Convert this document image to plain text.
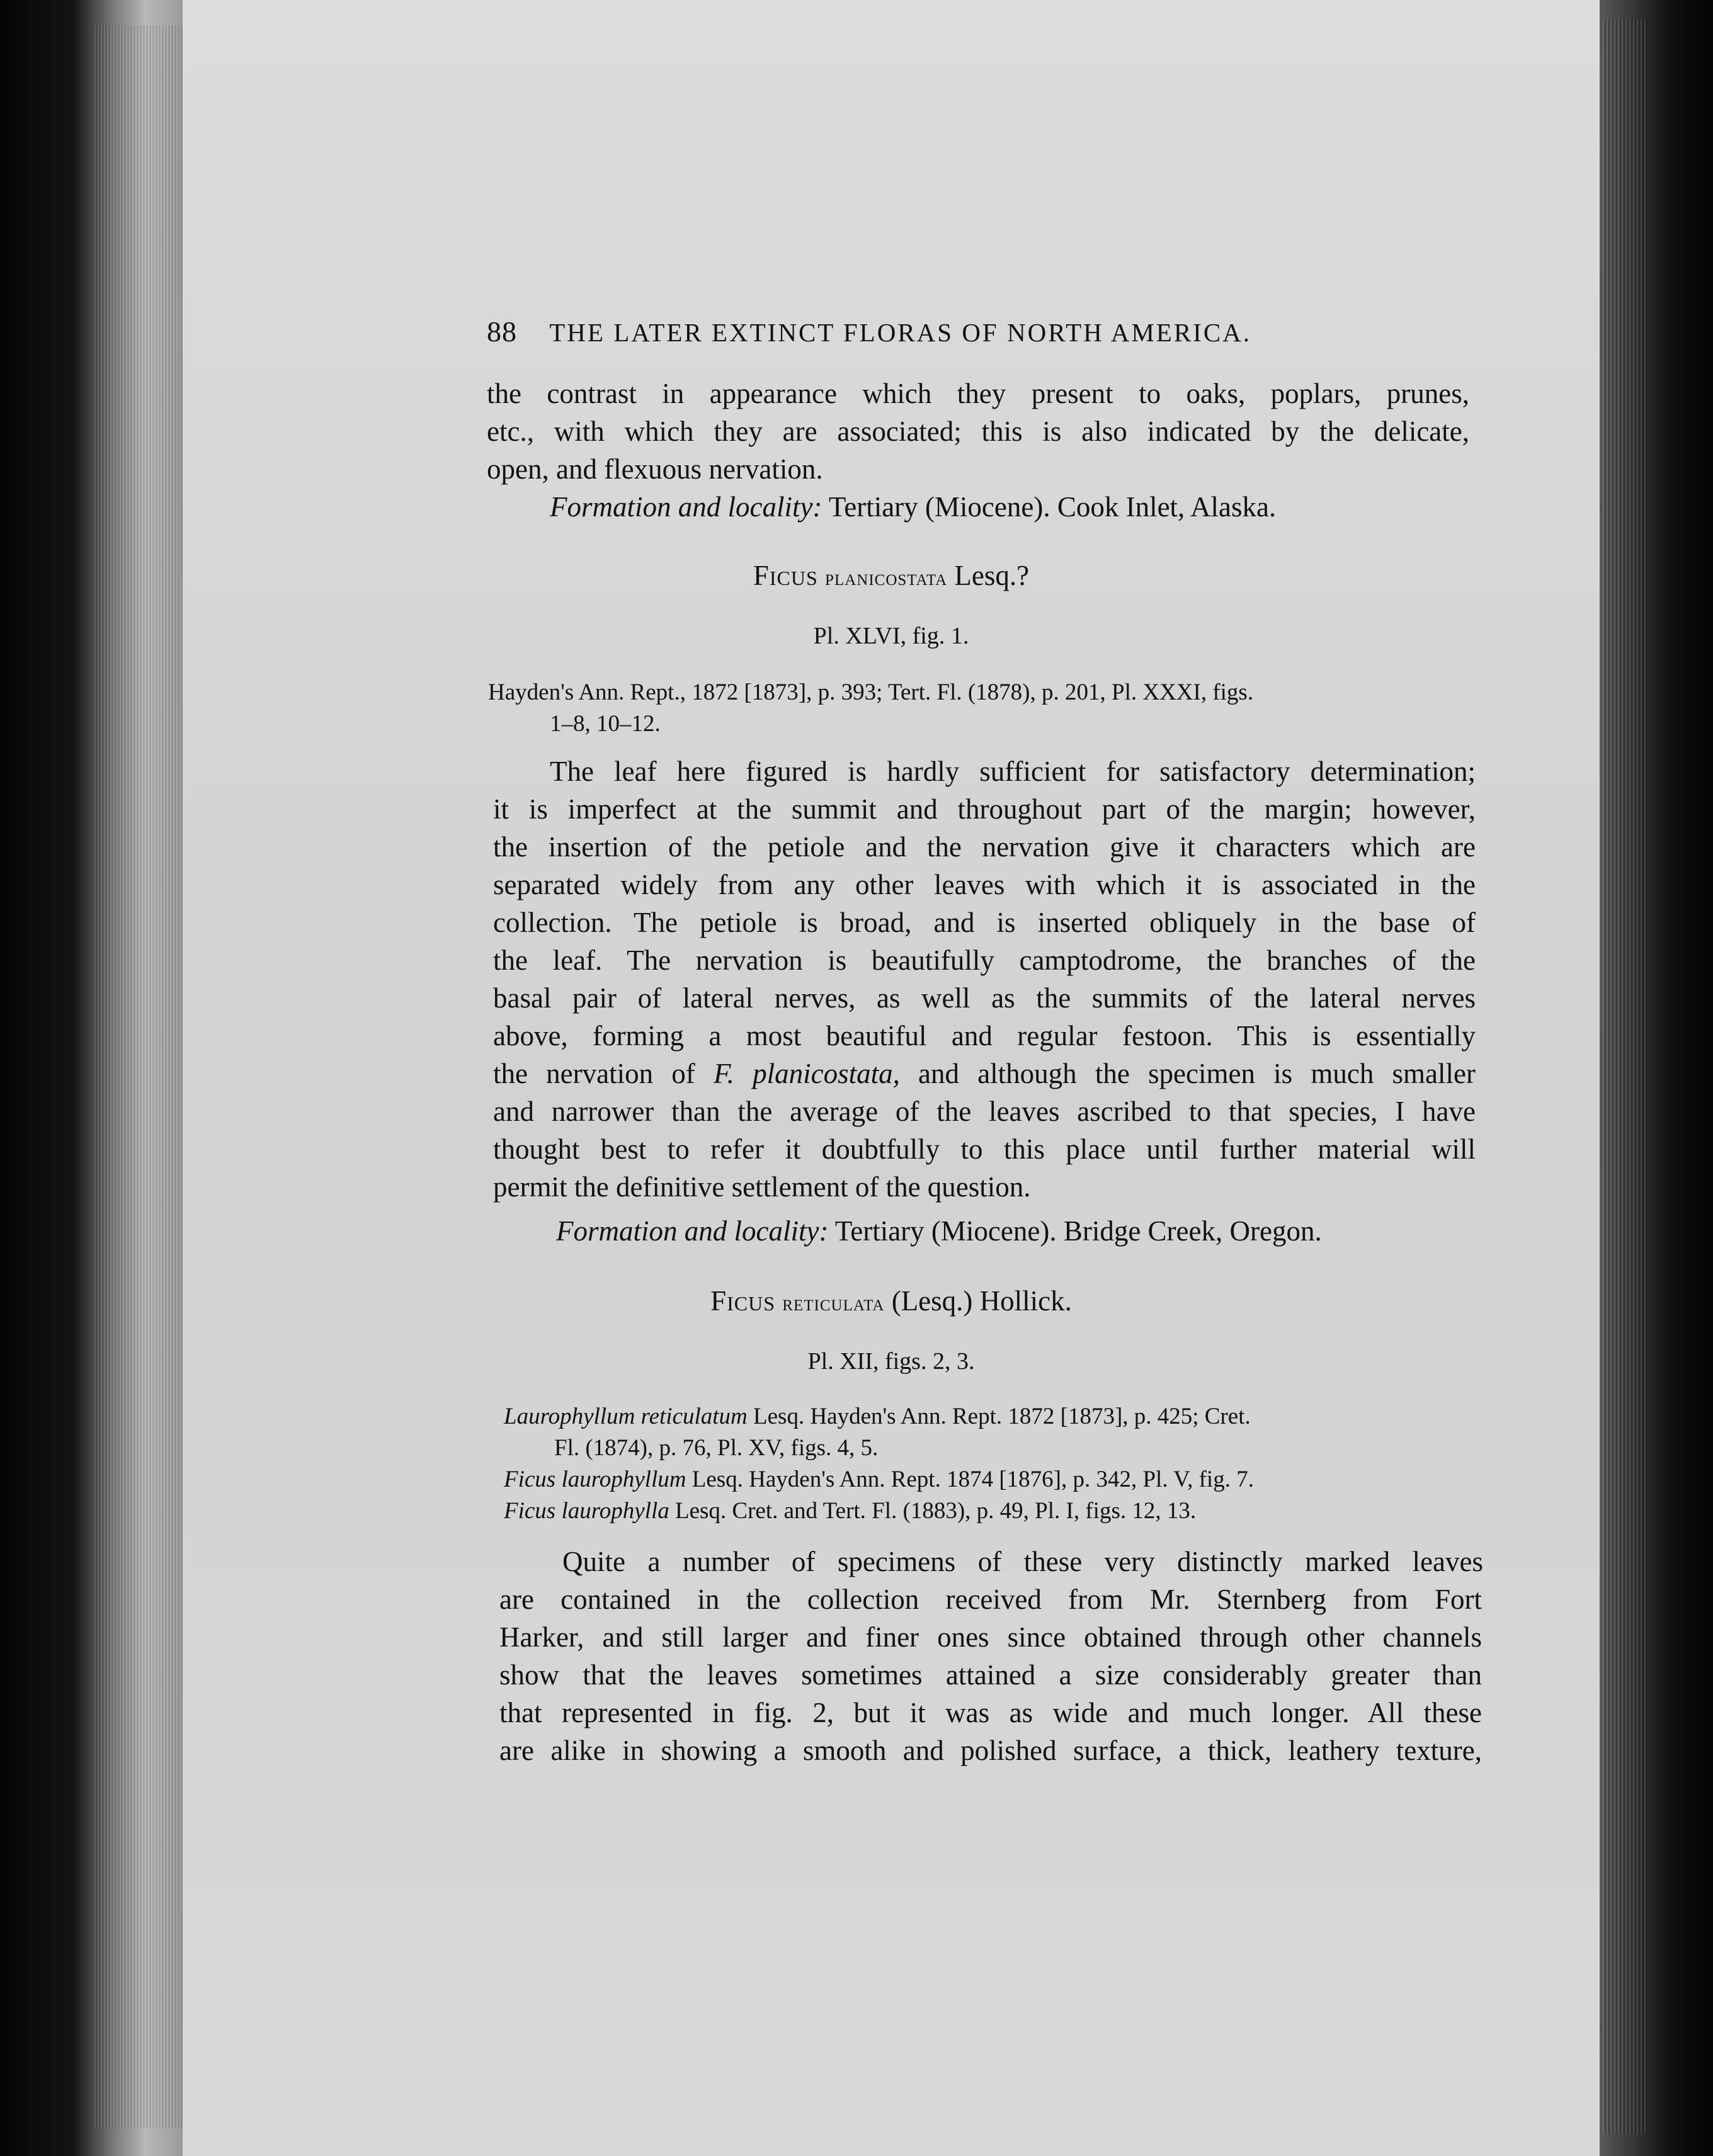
88 THE LATER EXTINCT FLORAS OF NORTH AMERICA.
the contrast in appearance which they present to oaks, poplars, prunes,
etc., with which they are associated; this is also indicated by the delicate,
open, and flexuous nervation.
Formation and locality: Tertiary (Miocene). Cook Inlet, Alaska.
Ficus planicostata Lesq.?
Pl. XLVI, fig. 1.
Hayden's Ann. Rept., 1872 [1873], p. 393; Tert. Fl. (1878), p. 201, Pl. XXXI, figs.
1–8, 10–12.
The leaf here figured is hardly sufficient for satisfactory determination;
it is imperfect at the summit and throughout part of the margin; however,
the insertion of the petiole and the nervation give it characters which are
separated widely from any other leaves with which it is associated in the
collection. The petiole is broad, and is inserted obliquely in the base of
the leaf. The nervation is beautifully camptodrome, the branches of the
basal pair of lateral nerves, as well as the summits of the lateral nerves
above, forming a most beautiful and regular festoon. This is essentially
the nervation of F. planicostata, and although the specimen is much smaller
and narrower than the average of the leaves ascribed to that species, I have
thought best to refer it doubtfully to this place until further material will
permit the definitive settlement of the question.
Formation and locality: Tertiary (Miocene). Bridge Creek, Oregon.
Ficus reticulata (Lesq.) Hollick.
Pl. XII, figs. 2, 3.
Laurophyllum reticulatum Lesq. Hayden's Ann. Rept. 1872 [1873], p. 425; Cret.
Fl. (1874), p. 76, Pl. XV, figs. 4, 5.
Ficus laurophyllum Lesq. Hayden's Ann. Rept. 1874 [1876], p. 342, Pl. V, fig. 7.
Ficus laurophylla Lesq. Cret. and Tert. Fl. (1883), p. 49, Pl. I, figs. 12, 13.
Quite a number of specimens of these very distinctly marked leaves
are contained in the collection received from Mr. Sternberg from Fort
Harker, and still larger and finer ones since obtained through other channels
show that the leaves sometimes attained a size considerably greater than
that represented in fig. 2, but it was as wide and much longer. All these
are alike in showing a smooth and polished surface, a thick, leathery texture,
